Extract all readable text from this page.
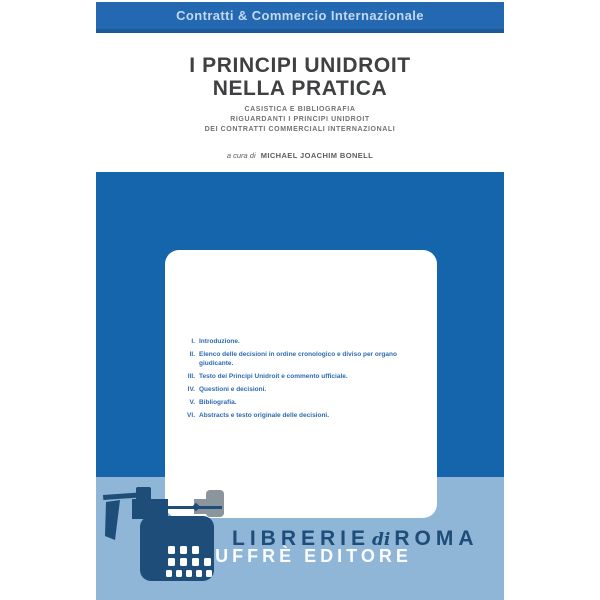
Contratti & Commercio Internazionale
I PRINCIPI UNIDROIT
NELLA PRATICA
CASISTICA E BIBLIOGRAFIA
RIGUARDANTI I PRINCIPI UNIDROIT
DEI CONTRATTI COMMERCIALI INTERNAZIONALI
a cura di MICHAEL JOACHIM BONELL
I. Introduzione.
II. Elenco delle decisioni in ordine cronologico e diviso per organo giudicante.
III. Testo dei Principi Unidroit e commento ufficiale.
IV. Questioni e decisioni.
V. Bibliografia.
VI. Abstracts e testo originale delle decisioni.
LIBRERIE di ROMA
